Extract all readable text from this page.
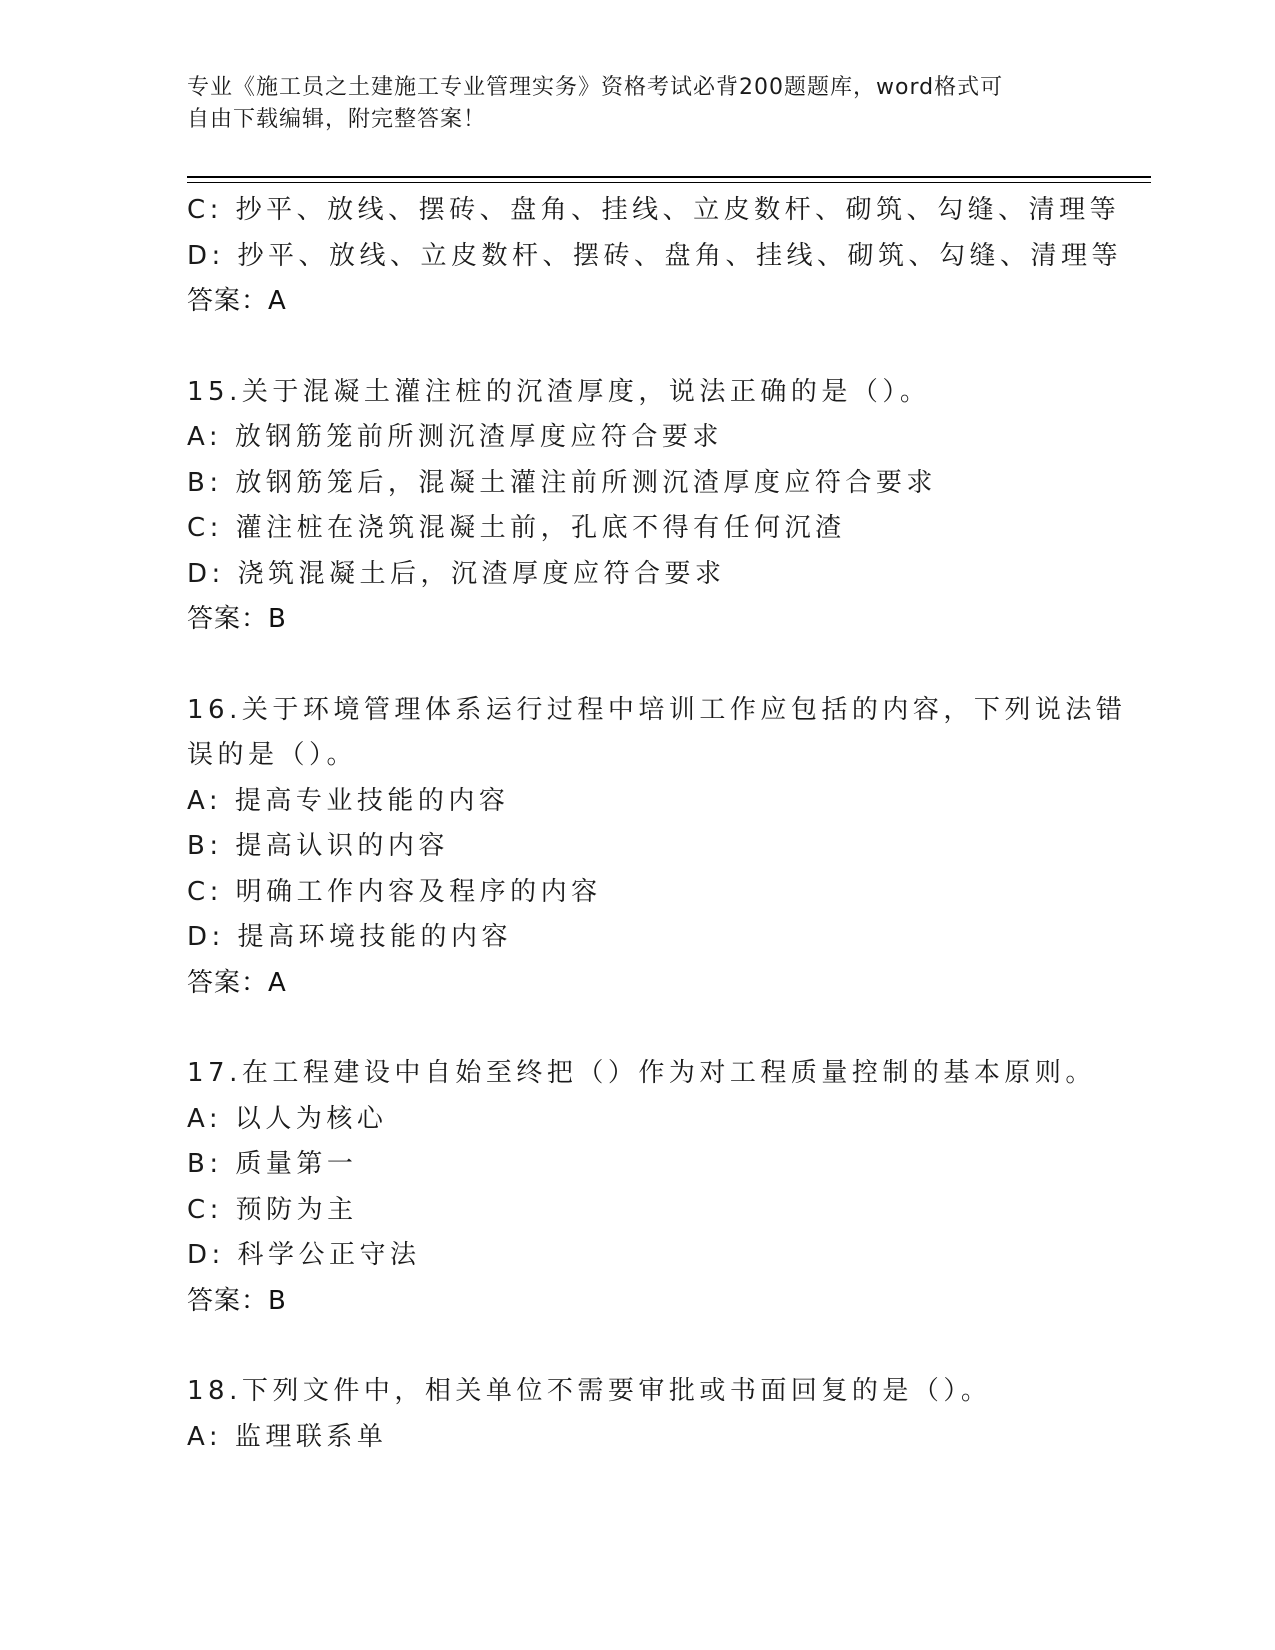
专业《施工员之土建施工专业管理实务》资格考试必背200题题库，word格式可
自由下载编辑，附完整答案！
C: 抄平、放线、摆砖、盘角、挂线、立皮数杆、砌筑、勾缝、清理等
D: 抄平、放线、立皮数杆、摆砖、盘角、挂线、砌筑、勾缝、清理等
答案：A
15.关于混凝土灌注桩的沉渣厚度，说法正确的是（）。
A: 放钢筋笼前所测沉渣厚度应符合要求
B: 放钢筋笼后，混凝土灌注前所测沉渣厚度应符合要求
C: 灌注桩在浇筑混凝土前，孔底不得有任何沉渣
D: 浇筑混凝土后，沉渣厚度应符合要求
答案：B
16.关于环境管理体系运行过程中培训工作应包括的内容，下列说法错
误的是（）。
A: 提高专业技能的内容
B: 提高认识的内容
C: 明确工作内容及程序的内容
D: 提高环境技能的内容
答案：A
17.在工程建设中自始至终把（）作为对工程质量控制的基本原则。
A: 以人为核心
B: 质量第一
C: 预防为主
D: 科学公正守法
答案：B
18.下列文件中，相关单位不需要审批或书面回复的是（）。
A: 监理联系单
